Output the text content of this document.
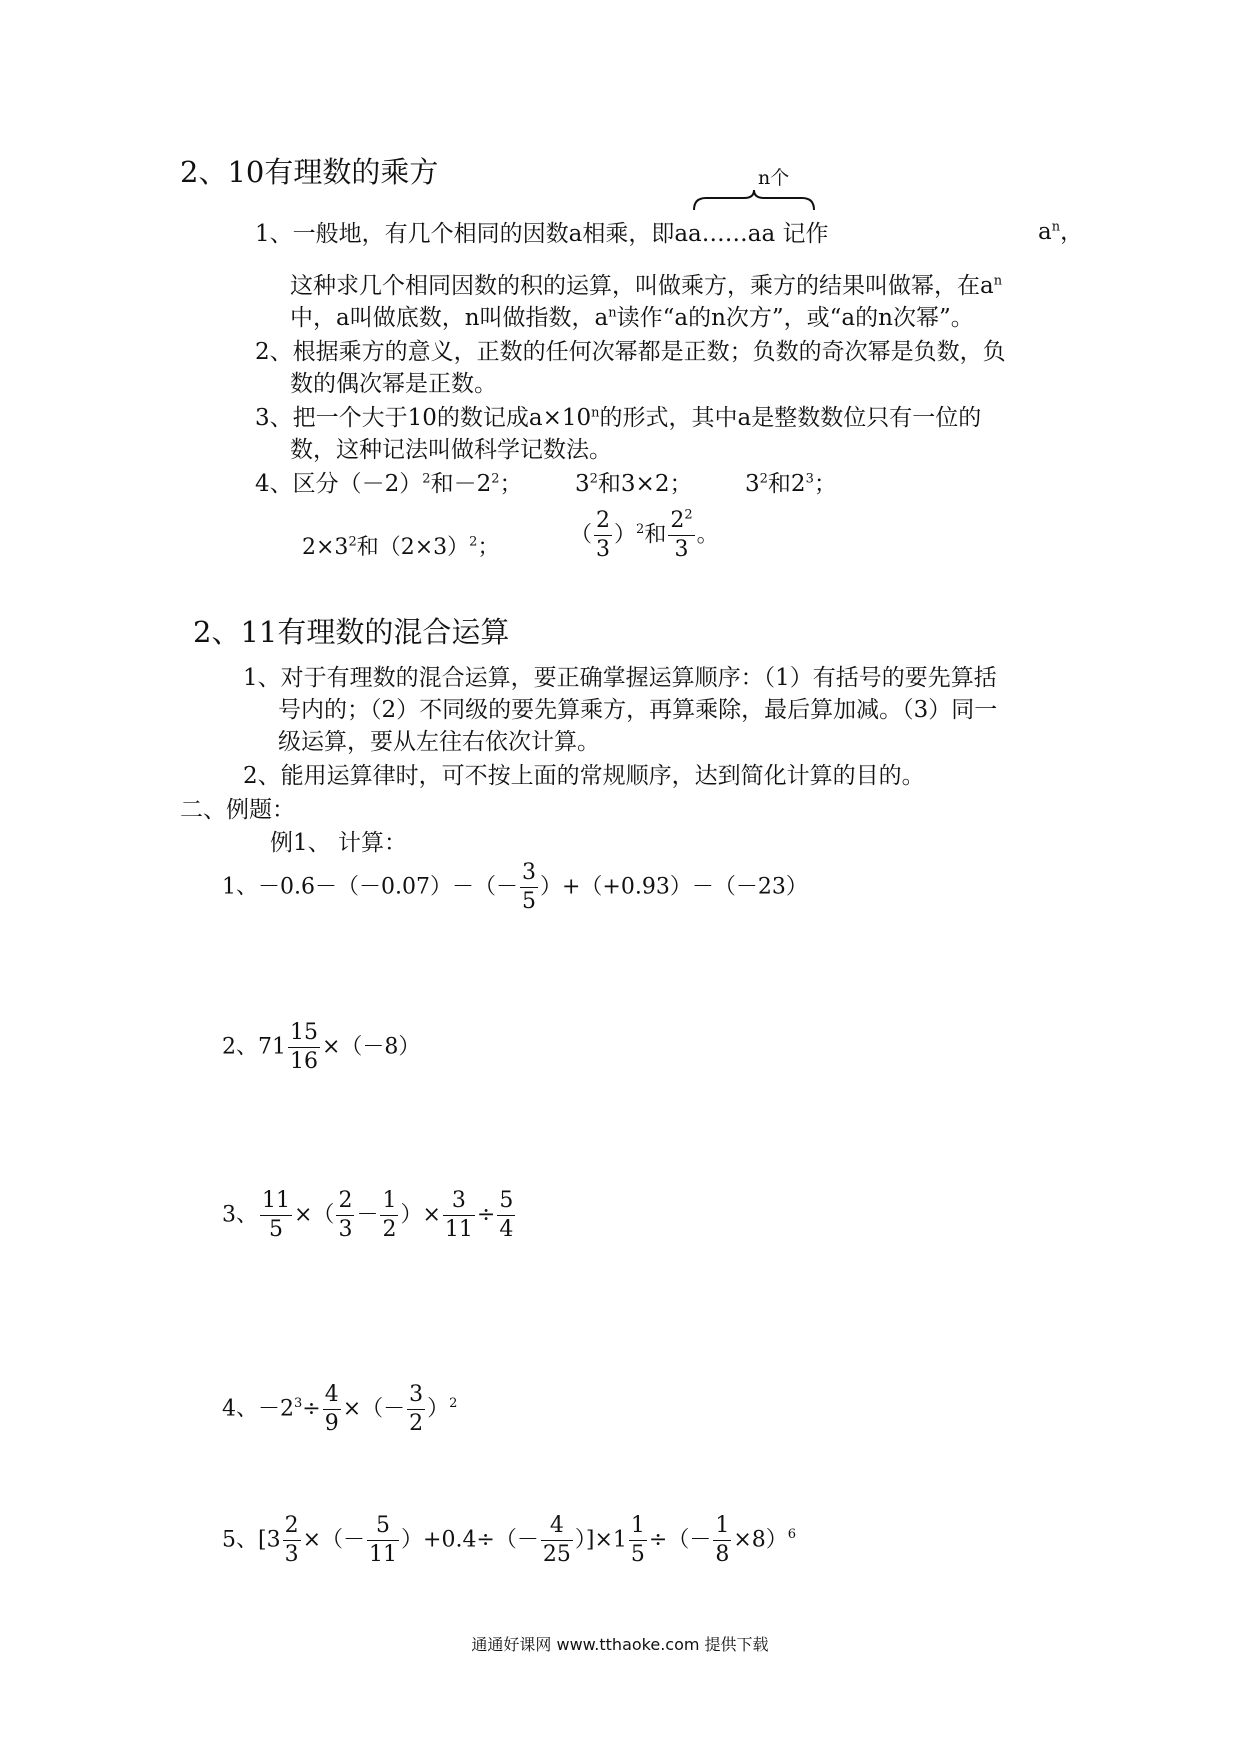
2、10有理数的乘方	n个
1、一般地，有几个相同的因数a相乘，即aa……aa 记作	$a^n$，
这种求几个相同因数的积的运算，叫做乘方，乘方的结果叫做幂，在$a^n$
中，a叫做底数，n叫做指数，$a^n$读作“a的n次方”，或“a的n次幂”。
2、根据乘方的意义，正数的任何次幂都是正数；负数的奇次幂是负数，负
数的偶次幂是正数。
3、把一个大于10的数记成$a\times 10^n$的形式，其中a是整数数位只有一位的
数，这种记法叫做科学记数法。
4、区分$(-2)^2$和$-2^2$； $3^2$和3×2； $3^2$和$2^3$；
$2\times 3^2$和$(2\times 3)^2$；	（ $\frac{2}{3} )^2$和 $\frac{2^2}{3}$ 。
2、11有理数的混合运算
1、对于有理数的混合运算，要正确掌握运算顺序：（1）有括号的要先算括
号内的；（2）不同级的要先算乘方，再算乘除，最后算加减。（3）同一
级运算，要从左往右依次计算。
2、能用运算律时，可不按上面的常规顺序，达到简化计算的目的。
二、例题：
例1、 计算：
1、$-0.6-(-0.07)-(- \frac{3}{5} )+(+0.93)-(-23)$
2、$71 \frac{15}{16} \times(-8)$
3、 $\frac{11}{5}$ ×（ $\frac{2}{3} - \frac{1}{2}$ ）× $\frac{3}{11} \div \frac{5}{4}$
4、$-2^3\div \frac{4}{9}$ ×（－ $\frac{3}{2} )^2$
5、[$3 \frac{2}{3}$ ×（－ $\frac{5}{11} )+0.4\div(- \frac{4}{25} )]\times 1 \frac{1}{5}$ ÷（－ $\frac{1}{8} \times 8)^6$
通通好课网 www.tthaoke.com 提供下载
